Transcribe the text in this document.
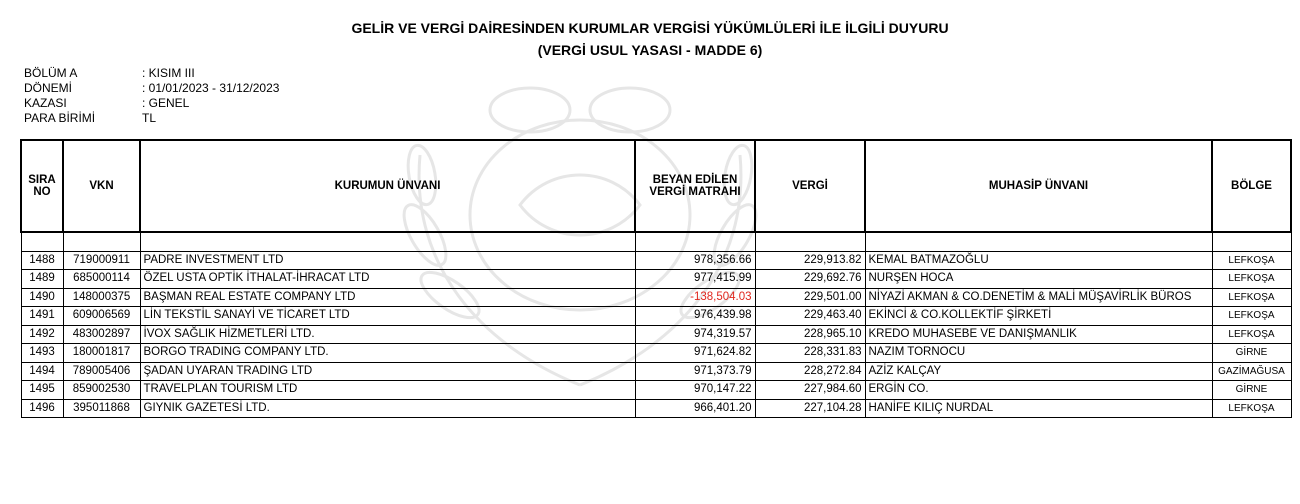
GELİR VE VERGİ DAİRESİNDEN KURUMLAR VERGİSİ YÜKÜMLÜLERİ İLE İLGİLİ DUYURU
(VERGİ USUL YASASI - MADDE 6)
BÖLÜM A	: KISIM III
DÖNEMİ	: 01/01/2023 - 31/12/2023
KAZASI	: GENEL
PARA BİRİMİ	TL
SIRA NO	VKN	KURUMUN ÜNVANI	BEYAN EDİLEN VERGİ MATRAHI	VERGİ	MUHASİP ÜNVANI	BÖLGE

1488	719000911	PADRE INVESTMENT LTD	978,356.66	229,913.82	KEMAL BATMAZOĞLU	LEFKOŞA
1489	685000114	ÖZEL USTA OPTİK İTHALAT-İHRACAT LTD	977,415.99	229,692.76	NURŞEN HOCA	LEFKOŞA
1490	148000375	BAŞMAN REAL ESTATE COMPANY LTD	-138,504.03	229,501.00	NİYAZİ AKMAN & CO.DENETİM & MALİ MÜŞAVİRLİK BÜROS	LEFKOŞA
1491	609006569	LİN TEKSTİL SANAYİ VE TİCARET LTD	976,439.98	229,463.40	EKİNCİ & CO.KOLLEKTİF ŞİRKETİ	LEFKOŞA
1492	483002897	İVOX SAĞLIK HİZMETLERİ LTD.	974,319.57	228,965.10	KREDO MUHASEBE VE DANIŞMANLIK	LEFKOŞA
1493	180001817	BORGO TRADING COMPANY LTD.	971,624.82	228,331.83	NAZIM TORNOCU	GİRNE
1494	789005406	ŞADAN UYARAN TRADING LTD	971,373.79	228,272.84	AZİZ KALÇAY	GAZİMAĞUSA
1495	859002530	TRAVELPLAN TOURISM LTD	970,147.22	227,984.60	ERGİN CO.	GİRNE
1496	395011868	GIYNIK GAZETESİ LTD.	966,401.20	227,104.28	HANİFE KILIÇ NURDAL	LEFKOŞA
